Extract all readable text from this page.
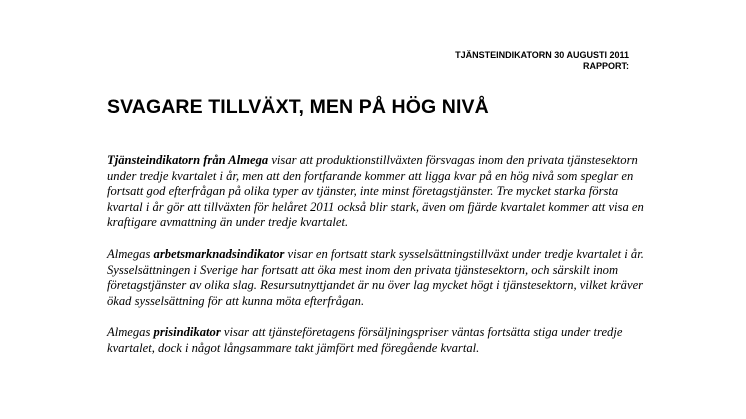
TJÄNSTEINDIKATORN 30 AUGUSTI 2011
RAPPORT:
SVAGARE TILLVÄXT, MEN PÅ HÖG NIVÅ

Tjänsteindikatorn från Almega visar att produktionstillväxten försvagas inom den privata tjänstesektorn under tredje kvartalet i år, men att den fortfarande kommer att ligga kvar på en hög nivå som speglar en fortsatt god efterfrågan på olika typer av tjänster, inte minst företagstjänster. Tre mycket starka första kvartal i år gör att tillväxten för helåret 2011 också blir stark, även om fjärde kvartalet kommer att visa en kraftigare avmattning än under tredje kvartalet.

Almegas arbetsmarknadsindikator visar en fortsatt stark sysselsättningstillväxt under tredje kvartalet i år. Sysselsättningen i Sverige har fortsatt att öka mest inom den privata tjänstesektorn, och särskilt inom företagstjänster av olika slag. Resursutnyttjandet är nu över lag mycket högt i tjänstesektorn, vilket kräver ökad sysselsättning för att kunna möta efterfrågan.

Almegas prisindikator visar att tjänsteföretagens försäljningspriser väntas fortsätta stiga under tredje kvartalet, dock i något långsammare takt jämfört med föregående kvartal.
